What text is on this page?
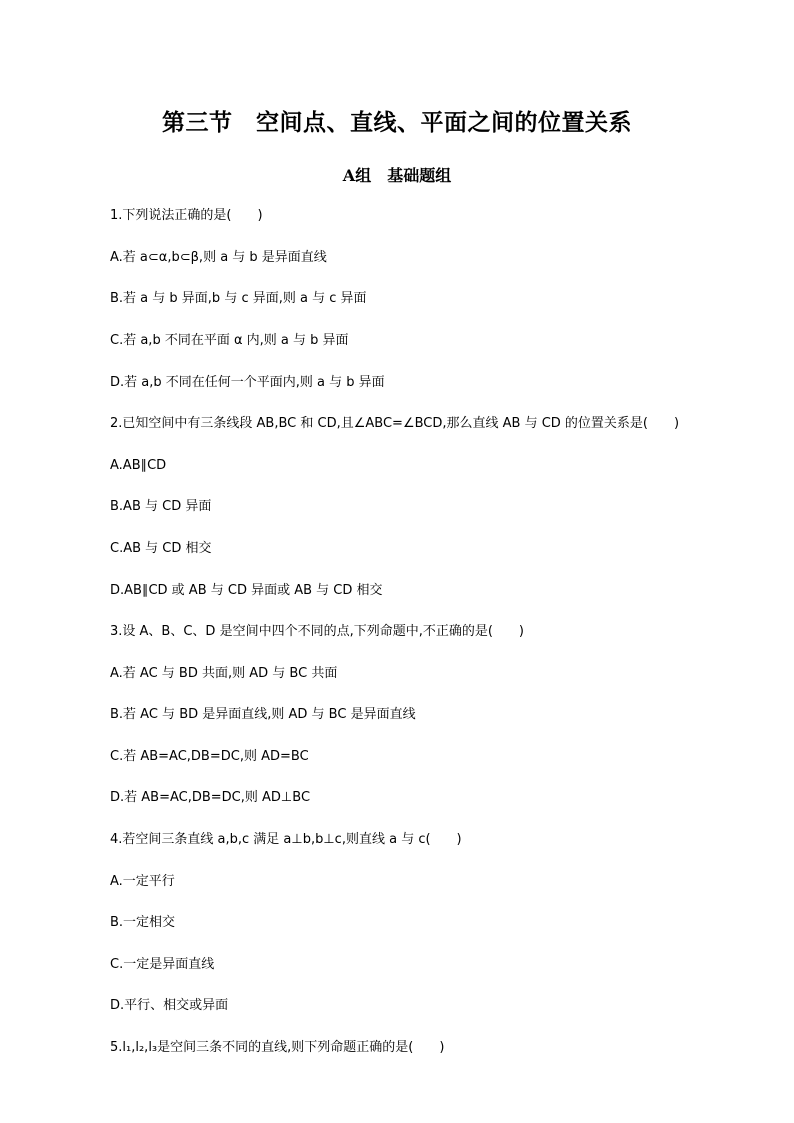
第三节　空间点、直线、平面之间的位置关系
A组　基础题组
1.下列说法正确的是(　　)
A.若 a⊂α,b⊂β,则 a 与 b 是异面直线
B.若 a 与 b 异面,b 与 c 异面,则 a 与 c 异面
C.若 a,b 不同在平面 α 内,则 a 与 b 异面
D.若 a,b 不同在任何一个平面内,则 a 与 b 异面
2.已知空间中有三条线段 AB,BC 和 CD,且∠ABC=∠BCD,那么直线 AB 与 CD 的位置关系是(　　)
A.AB∥CD
B.AB 与 CD 异面
C.AB 与 CD 相交
D.AB∥CD 或 AB 与 CD 异面或 AB 与 CD 相交
3.设 A、B、C、D 是空间中四个不同的点,下列命题中,不正确的是(　　)
A.若 AC 与 BD 共面,则 AD 与 BC 共面
B.若 AC 与 BD 是异面直线,则 AD 与 BC 是异面直线
C.若 AB=AC,DB=DC,则 AD=BC
D.若 AB=AC,DB=DC,则 AD⊥BC
4.若空间三条直线 a,b,c 满足 a⊥b,b⊥c,则直线 a 与 c(　　)
A.一定平行
B.一定相交
C.一定是异面直线
D.平行、相交或异面
5.l₁,l₂,l₃是空间三条不同的直线,则下列命题正确的是(　　)
